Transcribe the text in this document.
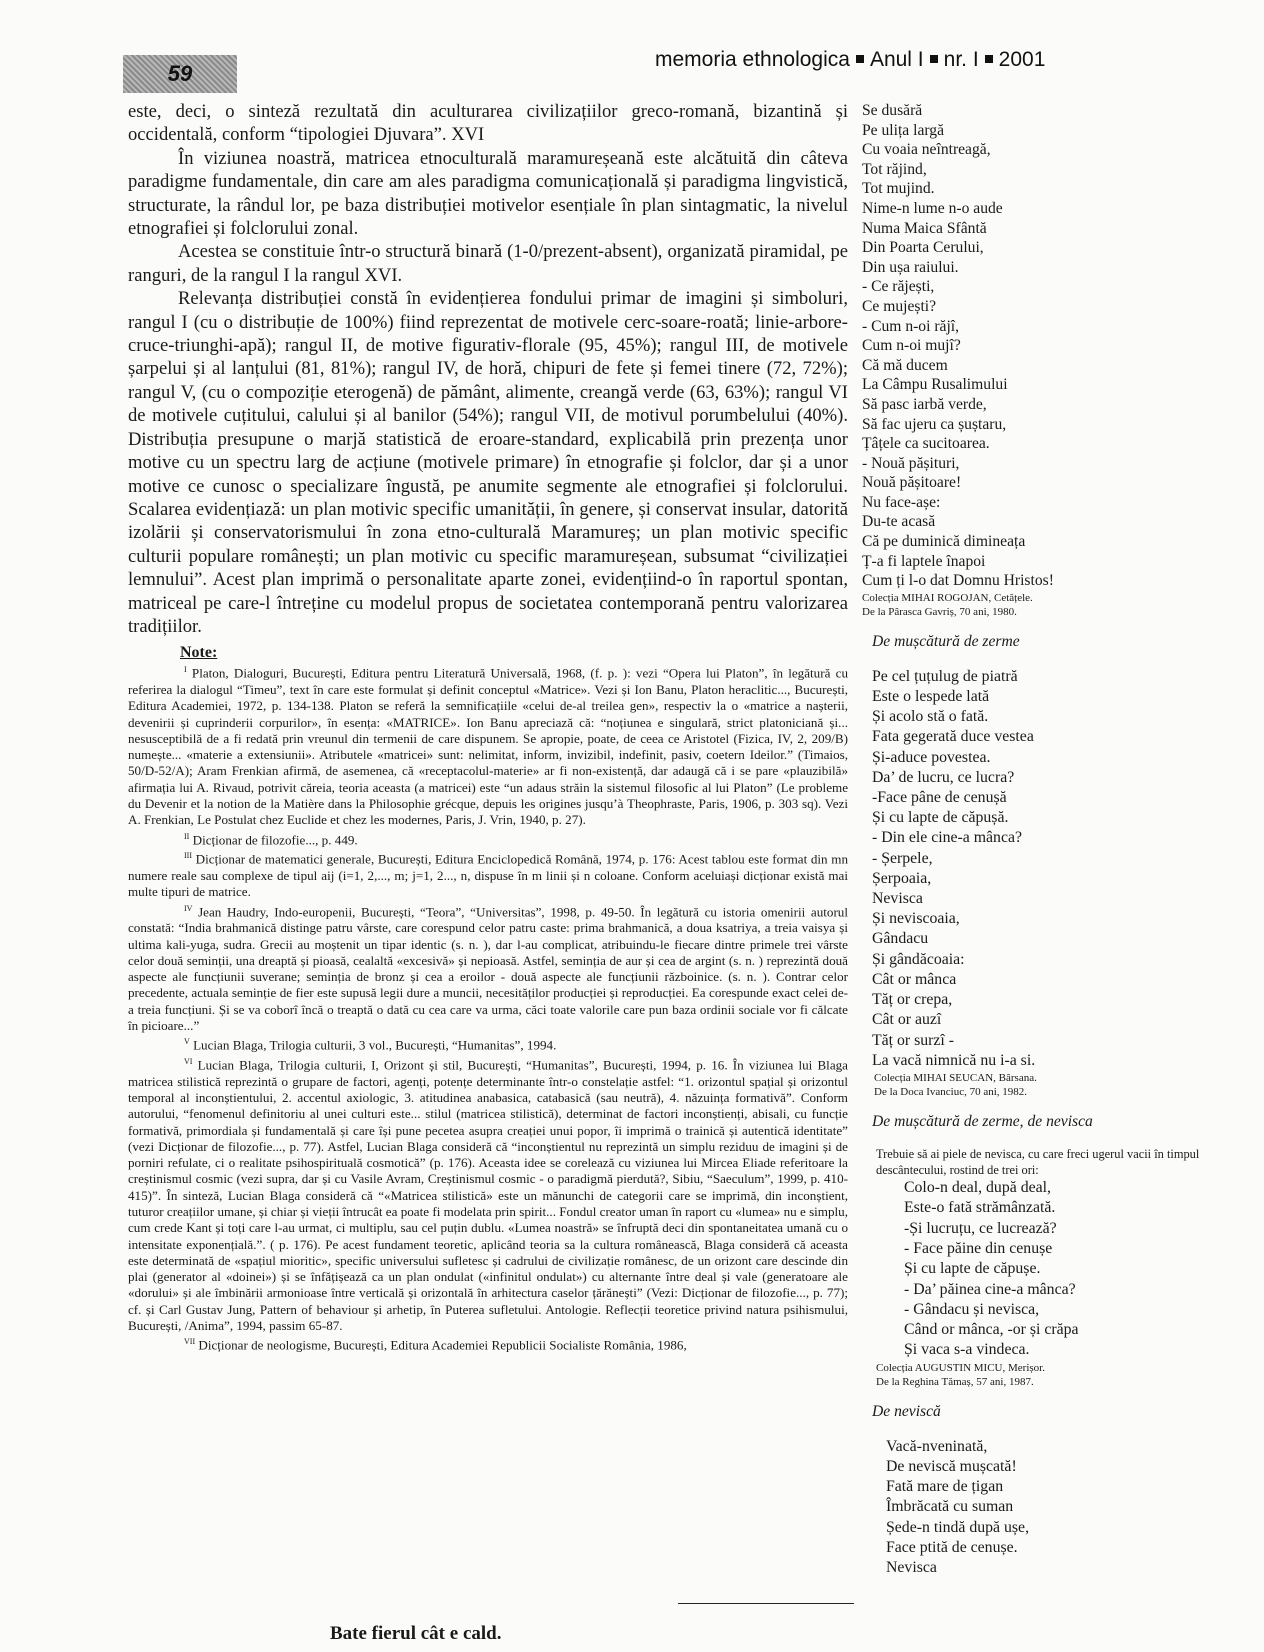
59
memoria ethnologica Anul I nr. I 2001

este, deci, o sinteză rezultată din aculturarea civilizațiilor greco-romană, bizantină și occidentală, conform “tipologiei Djuvara”. XVI

În viziunea noastră, matricea etnoculturală maramureșeană este alcătuită din câteva paradigme fundamentale, din care am ales paradigma comunicațională și paradigma lingvistică, structurate, la rândul lor, pe baza distribuției motivelor esențiale în plan sintagmatic, la nivelul etnografiei și folclorului zonal.

Acestea se constituie într-o structură binară (1-0/prezent-absent), organizată piramidal, pe ranguri, de la rangul I la rangul XVI.

Relevanța distribuției constă în evidențierea fondului primar de imagini și simboluri, rangul I (cu o distribuție de 100%) fiind reprezentat de motivele cerc-soare-roată; linie-arbore-cruce-triunghi-apă); rangul II, de motive figurativ-florale (95, 45%); rangul III, de motivele șarpelui și al lanțului (81, 81%); rangul IV, de horă, chipuri de fete și femei tinere (72, 72%); rangul V, (cu o compoziție eterogenă) de pământ, alimente, creangă verde (63, 63%); rangul VI de motivele cuțitului, calului și al banilor (54%); rangul VII, de motivul porumbelului (40%). Distribuția presupune o marjă statistică de eroare-standard, explicabilă prin prezența unor motive cu un spectru larg de acțiune (motivele primare) în etnografie și folclor, dar și a unor motive ce cunosc o specializare îngustă, pe anumite segmente ale etnografiei și folclorului. Scalarea evidențiază: un plan motivic specific umanității, în genere, și conservat insular, datorită izolării și conservatorismului în zona etno-culturală Maramureș; un plan motivic specific culturii populare românești; un plan motivic cu specific maramureșean, subsumat “civilizației lemnului”. Acest plan imprimă o personalitate aparte zonei, evidențiind-o în raportul spontan, matriceal pe care-l întreține cu modelul propus de societatea contemporană pentru valorizarea tradițiilor.

Note:

$^I$ Platon, Dialoguri, București, Editura pentru Literatură Universală, 1968, (f. p. ): vezi “Opera lui Platon”, în legătură cu referirea la dialogul “Timeu”, text în care este formulat și definit conceptul «Matrice». Vezi și Ion Banu, Platon heraclitic..., București, Editura Academiei, 1972, p. 134-138. Platon se referă la semnificațiile «celui de-al treilea gen», respectiv la o «matrice a nașterii, devenirii și cuprinderii corpurilor», în esența: «MATRICE». Ion Banu apreciază că: “noțiunea e singulară, strict platoniciană și... nesusceptibilă de a fi redată prin vreunul din termenii de care dispunem. Se apropie, poate, de ceea ce Aristotel (Fizica, IV, 2, 209/B) numește... «materie a extensiunii». Atributele «matricei» sunt: nelimitat, inform, invizibil, indefinit, pasiv, coetern Ideilor.” (Timaios, 50/D-52/A); Aram Frenkian afirmă, de asemenea, că «receptacolul-materie» ar fi non-existență, dar adaugă că i se pare «plauzibilă» afirmația lui A. Rivaud, potrivit căreia, teoria aceasta (a matricei) este “un adaus străin la sistemul filosofic al lui Platon” (Le probleme du Devenir et la notion de la Matière dans la Philosophie grécque, depuis les origines jusqu’à Theophraste, Paris, 1906, p. 303 sq). Vezi A. Frenkian, Le Postulat chez Euclide et chez les modernes, Paris, J. Vrin, 1940, p. 27).

$^{II}$ Dicționar de filozofie..., p. 449.

$^{III}$ Dicționar de matematici generale, București, Editura Enciclopedică Română, 1974, p. 176: Acest tablou este format din mn numere reale sau complexe de tipul aij (i=1, 2,..., m; j=1, 2..., n, dispuse în m linii și n coloane. Conform aceluiași dicționar există mai multe tipuri de matrice.

$^{IV}$ Jean Haudry, Indo-europenii, București, “Teora”, “Universitas”, 1998, p. 49-50. În legătură cu istoria omenirii autorul constată: “India brahmanică distinge patru vârste, care corespund celor patru caste: prima brahmanică, a doua ksatriya, a treia vaisya și ultima kali-yuga, sudra. Grecii au moștenit un tipar identic (s. n. ), dar l-au complicat, atribuindu-le fiecare dintre primele trei vârste celor două seminții, una dreaptă și pioasă, cealaltă «excesivă» și nepioasă. Astfel, seminția de aur și cea de argint (s. n. ) reprezintă două aspecte ale funcțiunii suverane; seminția de bronz și cea a eroilor - două aspecte ale funcțiunii războinice. (s. n. ). Contrar celor precedente, actuala seminție de fier este supusă legii dure a muncii, necesităților producției și reproducției. Ea corespunde exact celei de-a treia funcțiuni. Și se va coborî încă o treaptă o dată cu cea care va urma, căci toate valorile care pun baza ordinii sociale vor fi călcate în picioare...”

$^V$ Lucian Blaga, Trilogia culturii, 3 vol., București, “Humanitas”, 1994.

$^{VI}$ Lucian Blaga, Trilogia culturii, I, Orizont și stil, București, “Humanitas”, București, 1994, p. 16. În viziunea lui Blaga matricea stilistică reprezintă o grupare de factori, agenți, potențe determinante într-o constelație astfel: “1. orizontul spațial și orizontul temporal al inconștientului, 2. accentul axiologic, 3. atitudinea anabasica, catabasică (sau neutră), 4. năzuința formativă”. Conform autorului, “fenomenul definitoriu al unei culturi este... stilul (matricea stilistică), determinat de factori inconștienți, abisali, cu funcție formativă, primordiala și fundamentală și care își pune pecetea asupra creației unui popor, îi imprimă o trainică și autentică identitate” (vezi Dicționar de filozofie..., p. 77). Astfel, Lucian Blaga consideră că “inconștientul nu reprezintă un simplu reziduu de imagini și de porniri refulate, ci o realitate psihospirituală cosmotică” (p. 176). Aceasta idee se corelează cu viziunea lui Mircea Eliade referitoare la creștinismul cosmic (vezi supra, dar și cu Vasile Avram, Creștinismul cosmic - o paradigmă pierdută?, Sibiu, “Saeculum”, 1999, p. 410-415)”. În sinteză, Lucian Blaga consideră că “«Matricea stilistică» este un mănunchi de categorii care se imprimă, din inconștient, tuturor creațiilor umane, și chiar și vieții întrucât ea poate fi modelata prin spirit... Fondul creator uman în raport cu «lumea» nu e simplu, cum crede Kant și toți care l-au urmat, ci multiplu, sau cel puțin dublu. «Lumea noastră» se înfruptă deci din spontaneitatea umană cu o intensitate exponențială.”. ( p. 176). Pe acest fundament teoretic, aplicând teoria sa la cultura românească, Blaga consideră că aceasta este determinată de «spațiul mioritic», specific universului sufletesc și cadrului de civilizație românesc, de un orizont care descinde din plai (generator al «doinei») și se înfățișează ca un plan ondulat («infinitul ondulat») cu alternante între deal și vale (generatoare ale «dorului» și ale îmbinării armonioase între verticală și orizontală în arhitectura caselor țărănești” (Vezi: Dicționar de filozofie..., p. 77); cf. și Carl Gustav Jung, Pattern of behaviour și arhetip, în Puterea sufletului. Antologie. Reflecții teoretice privind natura psihismului, București, /Anima”, 1994, passim 65-87.

$^{VII}$ Dicționar de neologisme, București, Editura Academiei Republicii Socialiste România, 1986,

Bate fierul cât e cald.
Se dusără
Pe ulița largă
Cu voaia neîntreagă,
Tot răjind,
Tot mujind.
Nime-n lume n-o aude
Numa Maica Sfântă
Din Poarta Cerului,
Din ușa raiului.
- Ce răjești,
Ce mujești?
- Cum n-oi răjî,
Cum n-oi mujî?
Că mă ducem
La Câmpu Rusalimului
Să pasc iarbă verde,
Să fac ujeru ca șuștaru,
Țâțele ca sucitoarea.
- Nouă pășituri,
Nouă pășitoare!
Nu face-așe:
Du-te acasă
Că pe duminică dimineața
Ț-a fi laptele înapoi
Cum ți l-o dat Domnu Hristos!
Colecția MIHAI ROGOJAN, Cetățele.
De la Pârasca Gavriș, 70 ani, 1980.
De mușcătură de zerme
Pe cel țuțulug de piatră
Este o lespede lată
Și acolo stă o fată.
Fata gegerată duce vestea
Și-aduce povestea.
Da’ de lucru, ce lucra?
-Face pâne de cenușă
Și cu lapte de căpușă.
- Din ele cine-a mânca?
- Șerpele,
Șerpoaia,
Nevisca
Și neviscoaia,
Gândacu
Și gândăcoaia:
Cât or mânca
Tăț or crepa,
Cât or auzî
Tăț or surzî -
La vacă nimnică nu i-a si.
Colecția MIHAI SEUCAN, Bârsana.
De la Doca Ivanciuc, 70 ani, 1982.
De mușcătură de zerme, de nevisca
Trebuie să ai piele de nevisca, cu care freci ugerul vacii în timpul descântecului, rostind de trei ori:
Colo-n deal, după deal,
Este-o fată strămânzată.
-Și lucruțu, ce lucrează?
- Face păine din cenușe
Și cu lapte de căpușe.
- Da’ păinea cine-a mânca?
- Gândacu și nevisca,
Când or mânca, -or și crăpa
Și vaca s-a vindeca.
Colecția AUGUSTIN MICU, Merișor.
De la Reghina Tămaș, 57 ani, 1987.
De neviscă
Vacă-nveninată,
De neviscă mușcată!
Fată mare de țigan
Îmbrăcată cu suman
Șede-n tindă după ușe,
Face ptită de cenușe.
Nevisca
